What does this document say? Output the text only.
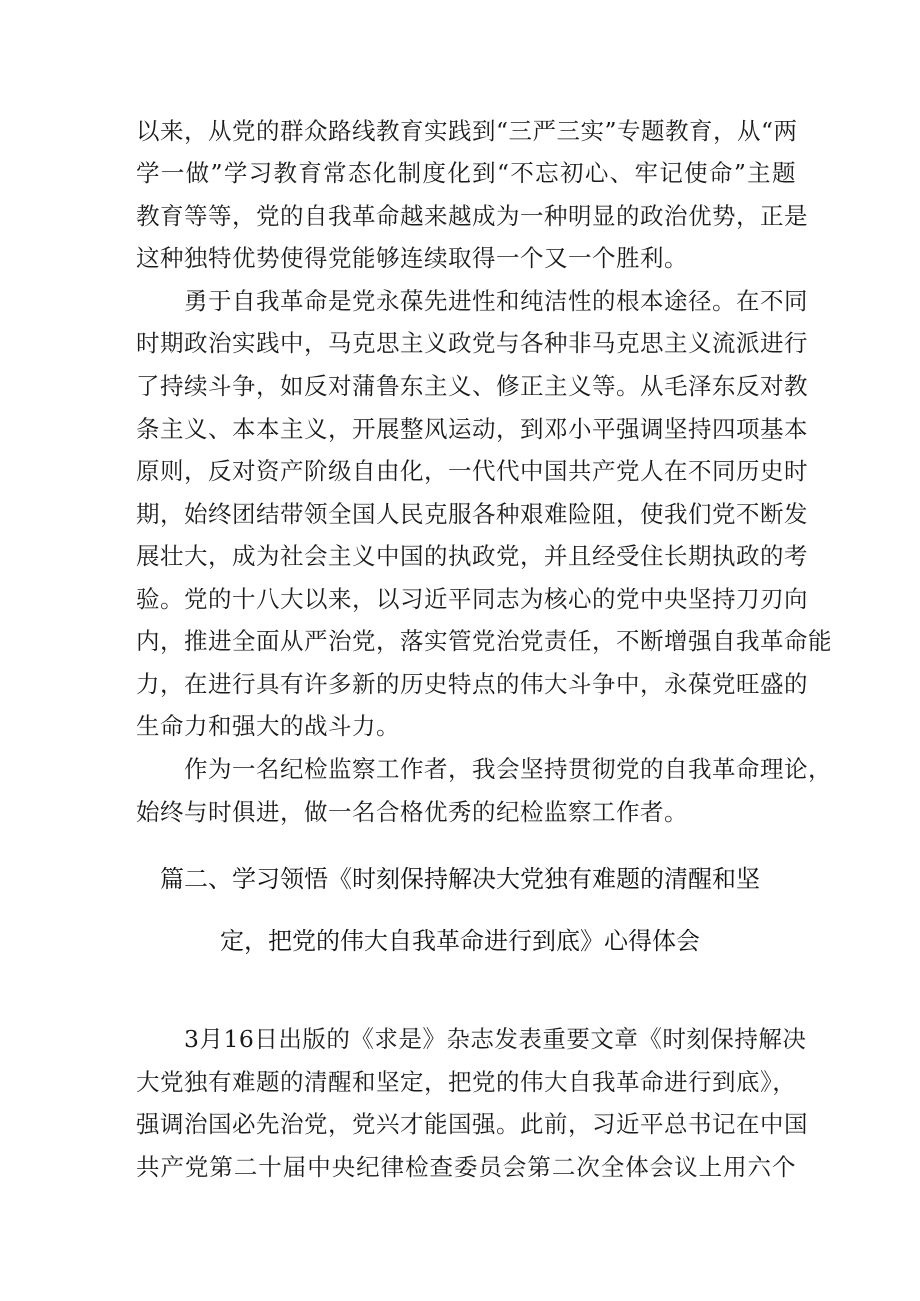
以来，从党的群众路线教育实践到“三严三实”专题教育，从“两
学一做”学习教育常态化制度化到“不忘初心、牢记使命”主题
教育等等，党的自我革命越来越成为一种明显的政治优势，正是
这种独特优势使得党能够连续取得一个又一个胜利。
勇于自我革命是党永葆先进性和纯洁性的根本途径。在不同
时期政治实践中，马克思主义政党与各种非马克思主义流派进行
了持续斗争，如反对蒲鲁东主义、修正主义等。从毛泽东反对教
条主义、本本主义，开展整风运动，到邓小平强调坚持四项基本
原则，反对资产阶级自由化，一代代中国共产党人在不同历史时
期，始终团结带领全国人民克服各种艰难险阻，使我们党不断发
展壮大，成为社会主义中国的执政党，并且经受住长期执政的考
验。党的十八大以来，以习近平同志为核心的党中央坚持刀刃向
内，推进全面从严治党，落实管党治党责任，不断增强自我革命能
力，在进行具有许多新的历史特点的伟大斗争中，永葆党旺盛的
生命力和强大的战斗力。
作为一名纪检监察工作者，我会坚持贯彻党的自我革命理论，
始终与时俱进，做一名合格优秀的纪检监察工作者。
篇二、学习领悟《时刻保持解决大党独有难题的清醒和坚
定，把党的伟大自我革命进行到底》心得体会
3月16日出版的《求是》杂志发表重要文章《时刻保持解决
大党独有难题的清醒和坚定，把党的伟大自我革命进行到底》，
强调治国必先治党，党兴才能国强。此前，习近平总书记在中国
共产党第二十届中央纪律检查委员会第二次全体会议上用六个
